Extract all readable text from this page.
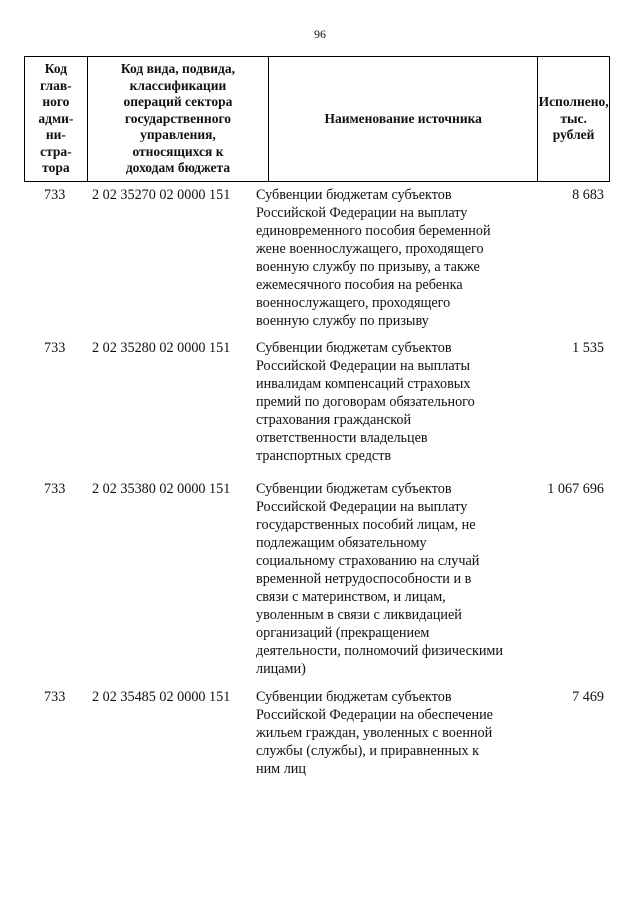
96
Код
глав-
ного
адми-
ни-
стра-
тора
Код вида, подвида,
классификации
операций сектора
государственного
управления,
относящихся к
доходам бюджета
Наименование источника
Исполнено,
тыс.
рублей
733 2 02 35270 02 0000 151 Субвенции бюджетам субъектов
Российской Федерации на выплату
единовременного пособия беременной
жене военнослужащего, проходящего
военную службу по призыву, а также
ежемесячного пособия на ребенка
военнослужащего, проходящего
военную службу по призыву
8 683
733 2 02 35280 02 0000 151 Субвенции бюджетам субъектов
Российской Федерации на выплаты
инвалидам компенсаций страховых
премий по договорам обязательного
страхования гражданской
ответственности владельцев
транспортных средств
1 535
733 2 02 35380 02 0000 151 Субвенции бюджетам субъектов
Российской Федерации на выплату
государственных пособий лицам, не
подлежащим обязательному
социальному страхованию на случай
временной нетрудоспособности и в
связи с материнством, и лицам,
уволенным в связи с ликвидацией
организаций (прекращением
деятельности, полномочий физическими
лицами)
1 067 696
733 2 02 35485 02 0000 151 Субвенции бюджетам субъектов
Российской Федерации на обеспечение
жильем граждан, уволенных с военной
службы (службы), и приравненных к
ним лиц
7 469
